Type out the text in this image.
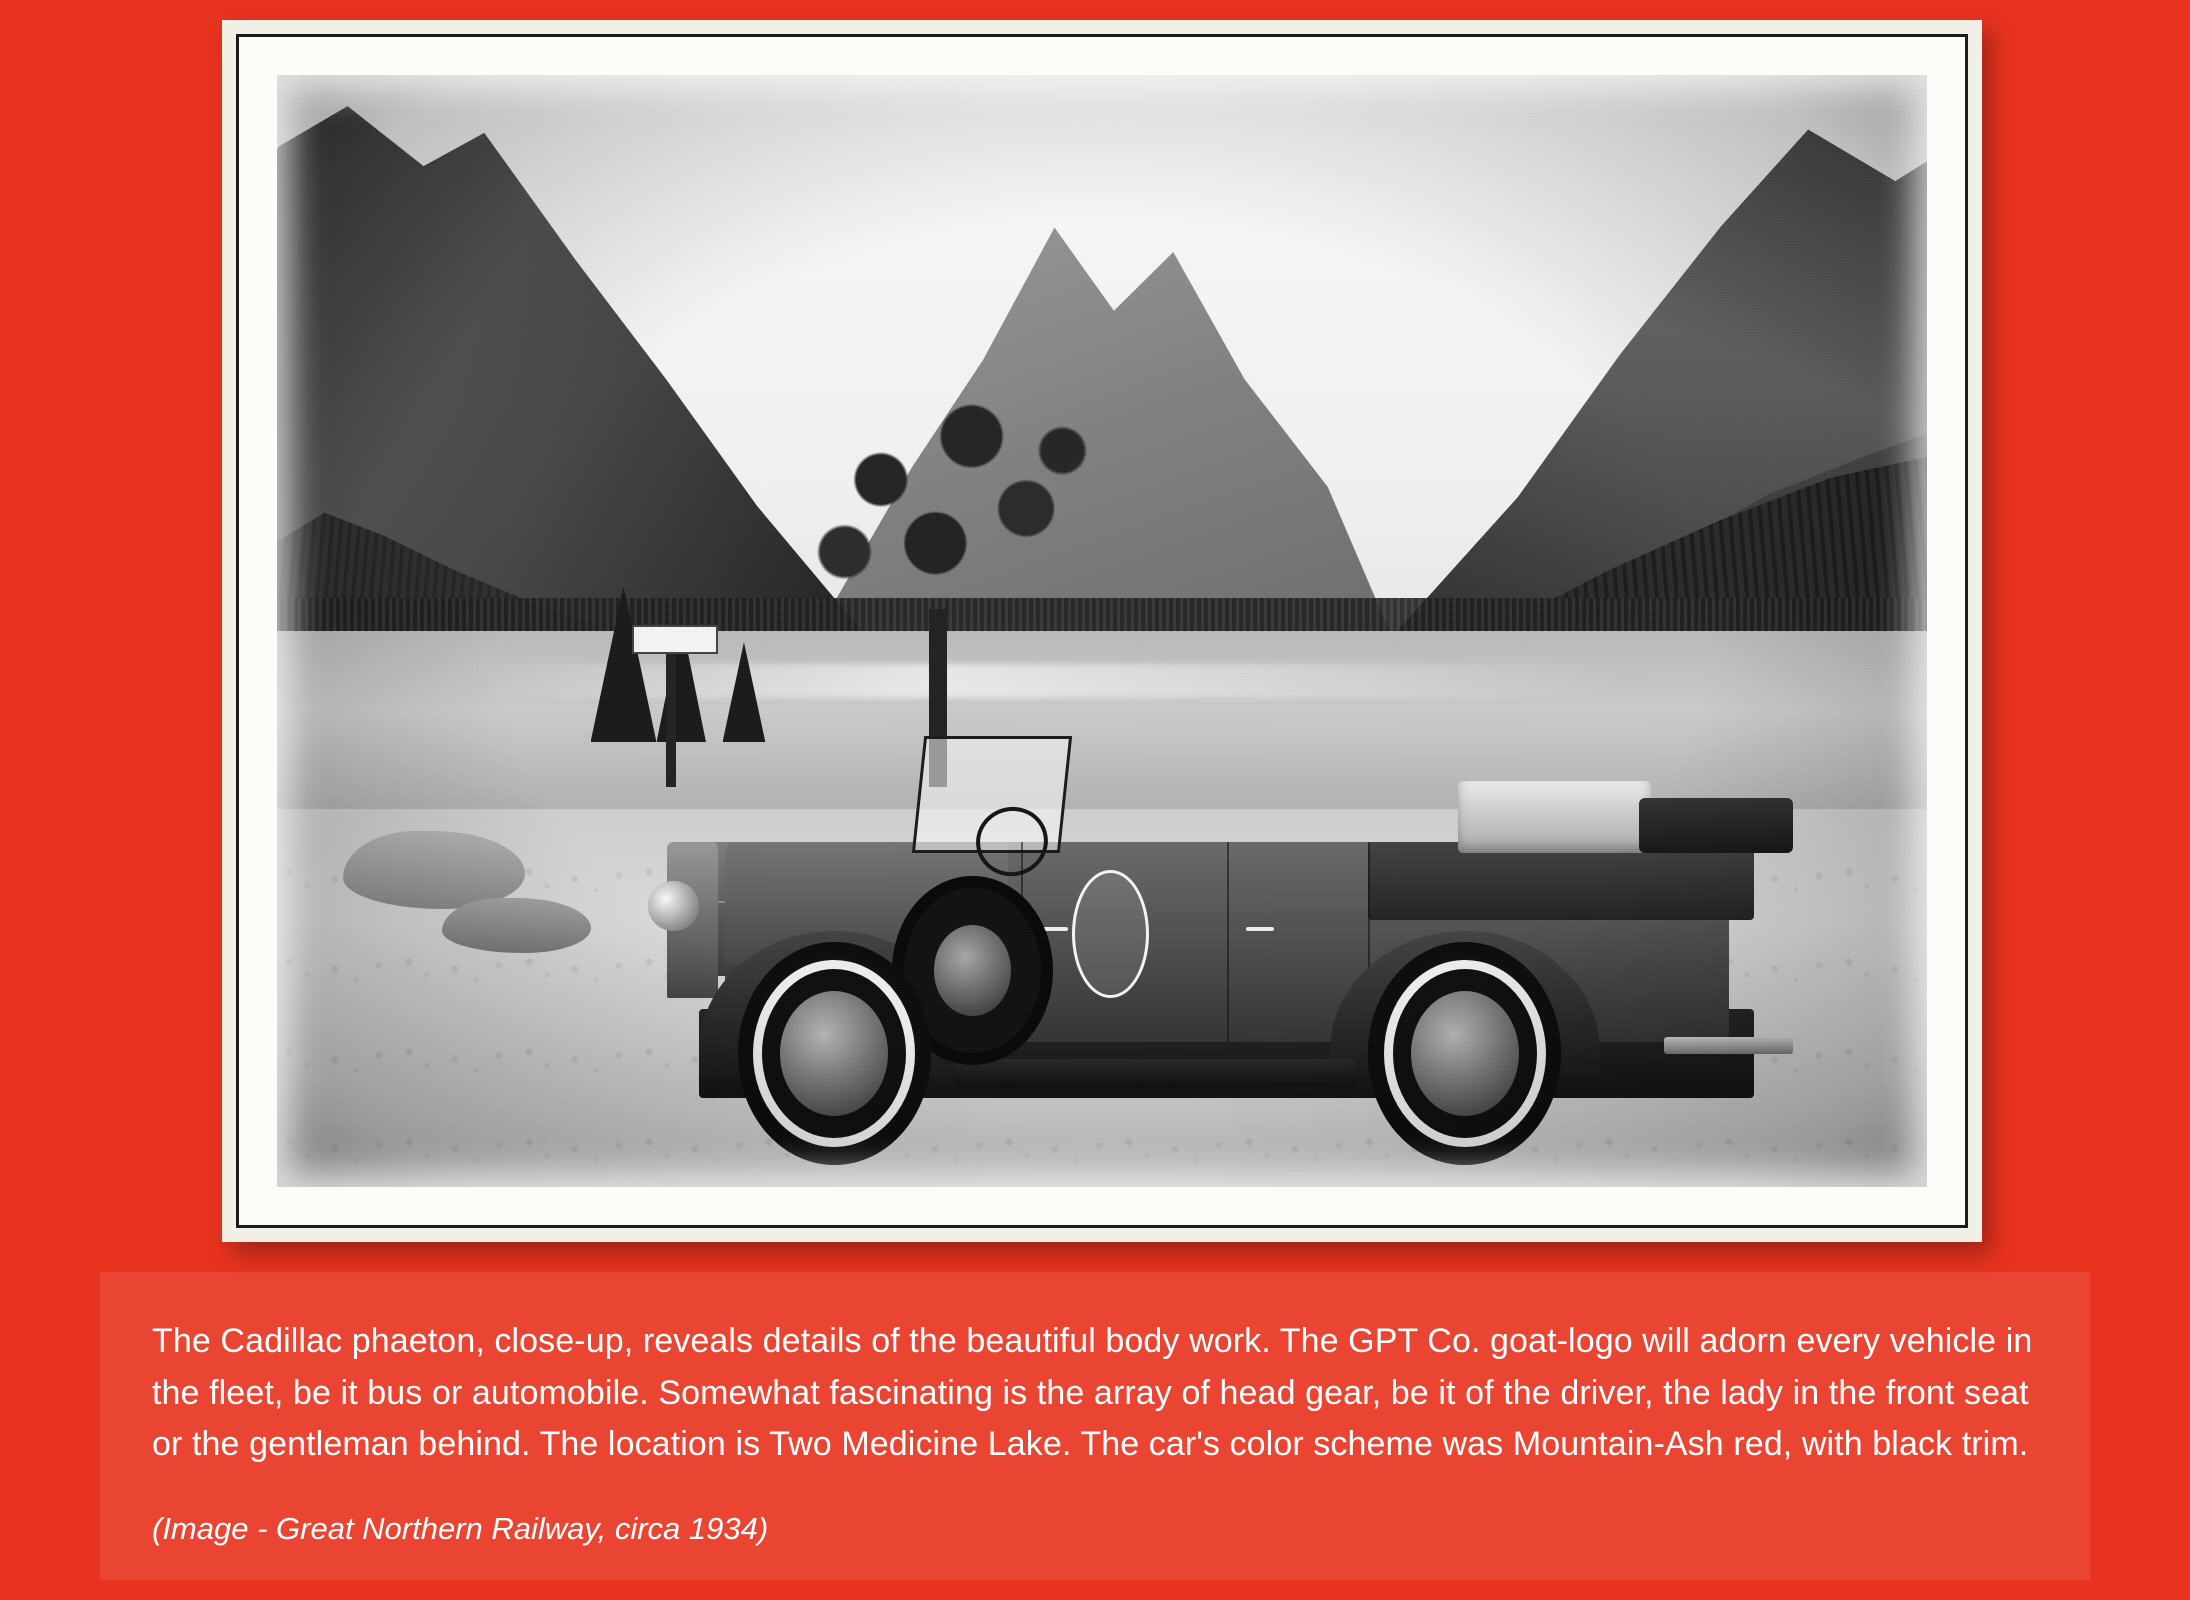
The Cadillac phaeton, close-up, reveals details of the beautiful body work. The GPT Co. goat-logo will adorn every vehicle in the fleet, be it bus or automobile. Somewhat fascinating is the array of head gear, be it of the driver, the lady in the front seat or the gentleman behind. The location is Two Medicine Lake. The car's color scheme was Mountain-Ash red, with black trim.

(Image - Great Northern Railway, circa 1934)
